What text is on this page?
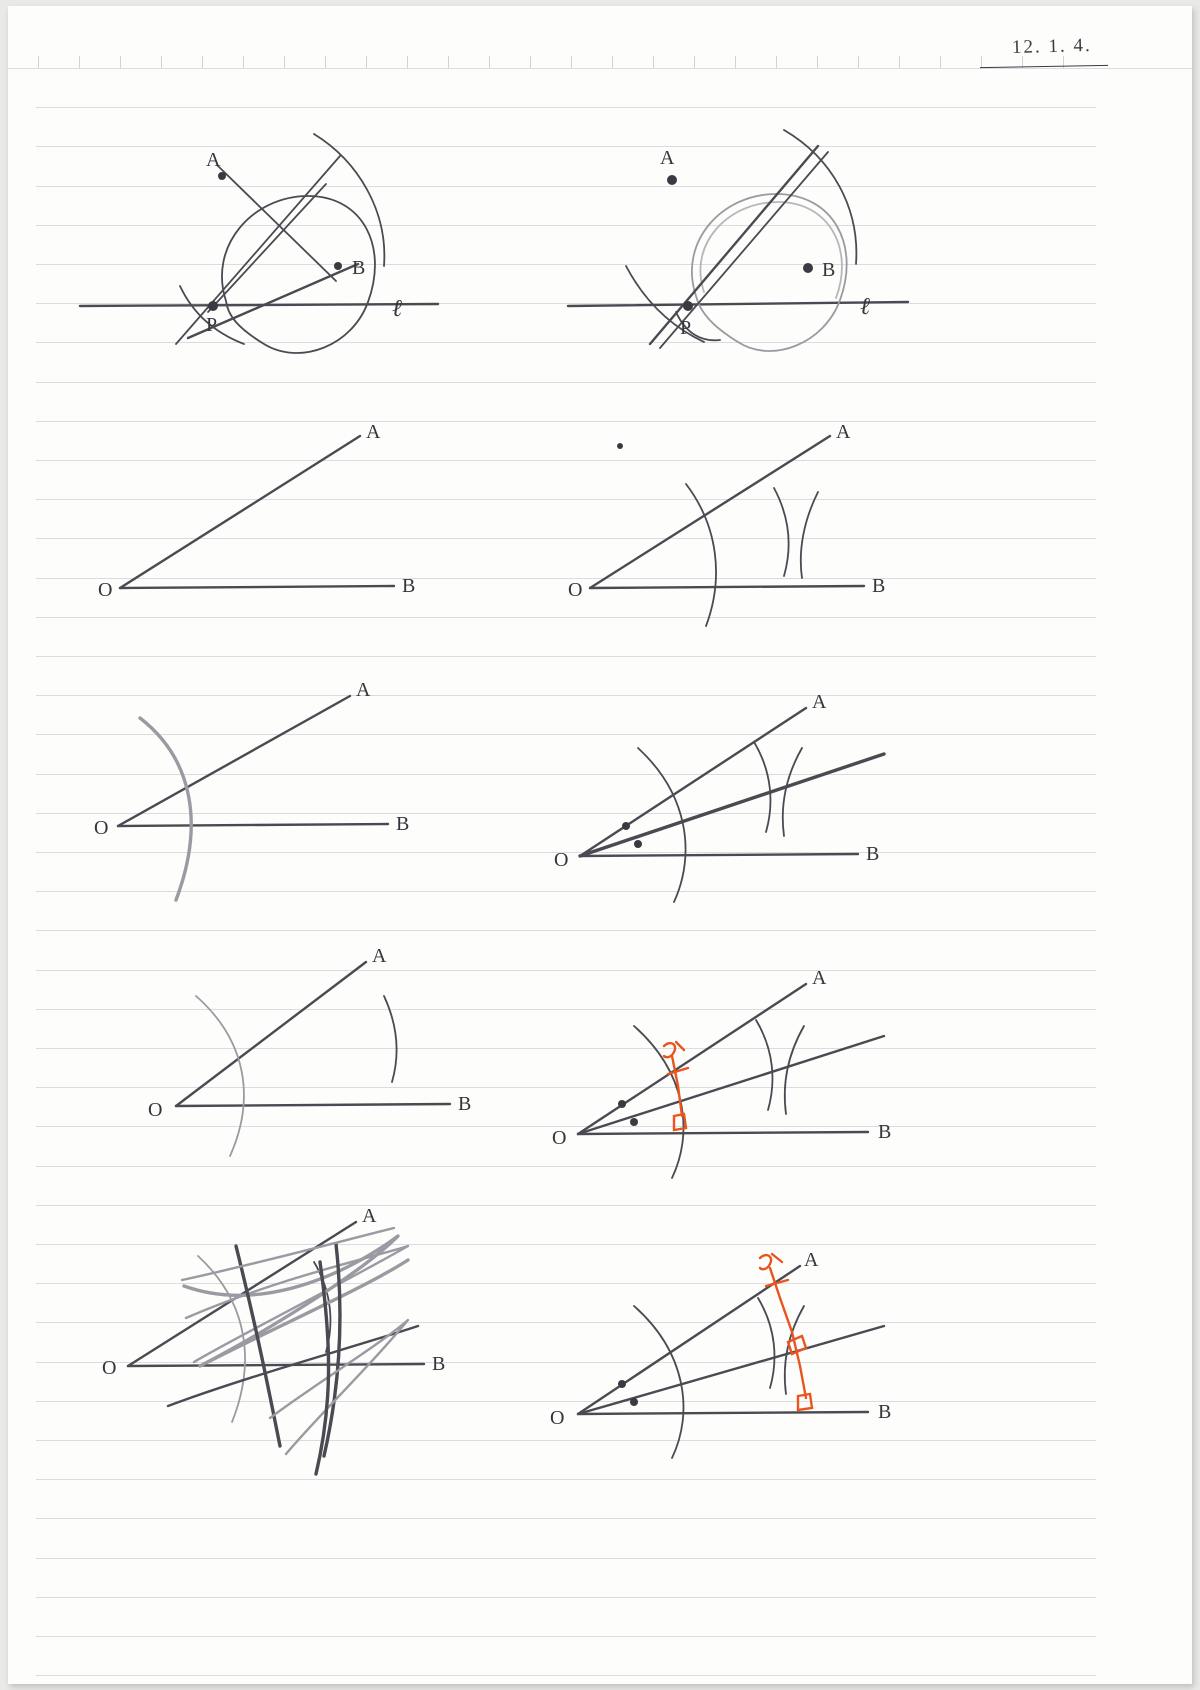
12. 1. 4.
A
B
P
ℓ
A
B
P
ℓ
A
B
O
A
B
O
A
B
O
A
B
O
A
B
O
A
B
O
A
B
O
A
B
O
